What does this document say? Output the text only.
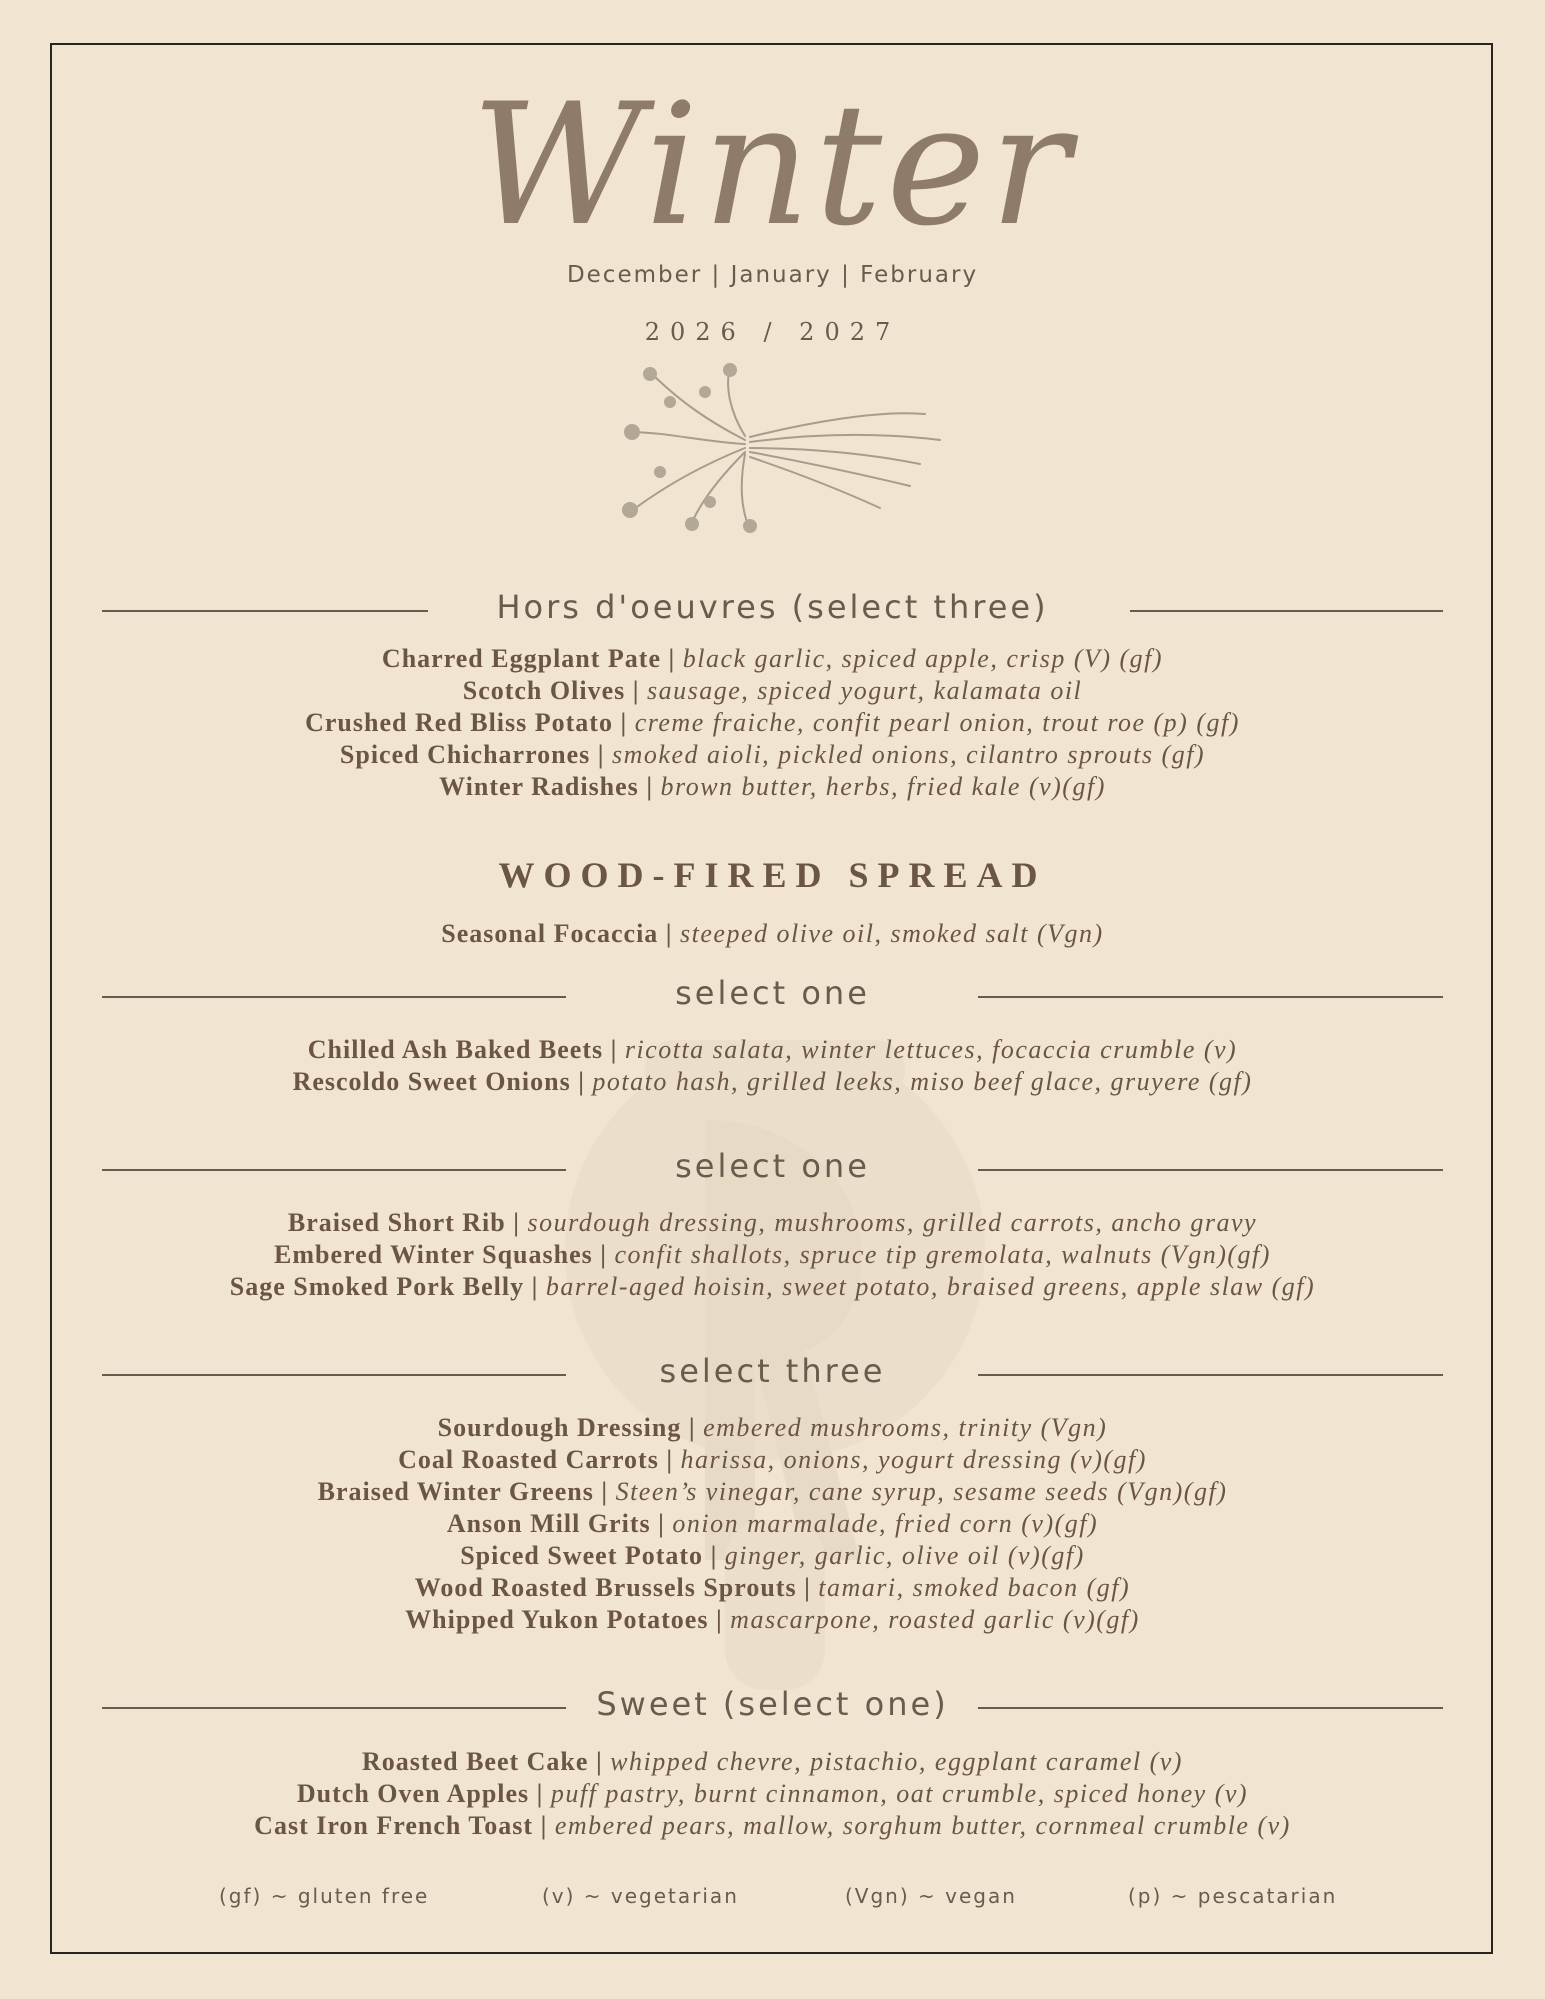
Winter
December | January | February
2026 / 2027
Hors d'oeuvres (select three)
Charred Eggplant Pate | black garlic, spiced apple, crisp (V) (gf)
Scotch Olives | sausage, spiced yogurt, kalamata oil
Crushed Red Bliss Potato | creme fraiche, confit pearl onion, trout roe (p) (gf)
Spiced Chicharrones | smoked aioli, pickled onions, cilantro sprouts (gf)
Winter Radishes | brown butter, herbs, fried kale (v)(gf)
WOOD-FIRED SPREAD
Seasonal Focaccia | steeped olive oil, smoked salt (Vgn)
select one
Chilled Ash Baked Beets | ricotta salata, winter lettuces, focaccia crumble (v)
Rescoldo Sweet Onions | potato hash, grilled leeks, miso beef glace, gruyere (gf)
select one
Braised Short Rib | sourdough dressing, mushrooms, grilled carrots, ancho gravy
Embered Winter Squashes | confit shallots, spruce tip gremolata, walnuts (Vgn)(gf)
Sage Smoked Pork Belly | barrel-aged hoisin, sweet potato, braised greens, apple slaw (gf)
select three
Sourdough Dressing | embered mushrooms, trinity (Vgn)
Coal Roasted Carrots | harissa, onions, yogurt dressing (v)(gf)
Braised Winter Greens | Steen’s vinegar, cane syrup, sesame seeds (Vgn)(gf)
Anson Mill Grits | onion marmalade, fried corn (v)(gf)
Spiced Sweet Potato | ginger, garlic, olive oil (v)(gf)
Wood Roasted Brussels Sprouts | tamari, smoked bacon (gf)
Whipped Yukon Potatoes | mascarpone, roasted garlic (v)(gf)
Sweet (select one)
Roasted Beet Cake | whipped chevre, pistachio, eggplant caramel (v)
Dutch Oven Apples | puff pastry, burnt cinnamon, oat crumble, spiced honey (v)
Cast Iron French Toast | embered pears, mallow, sorghum butter, cornmeal crumble (v)
(gf) ~ gluten free	(v) ~ vegetarian	(Vgn) ~ vegan	(p) ~ pescatarian
